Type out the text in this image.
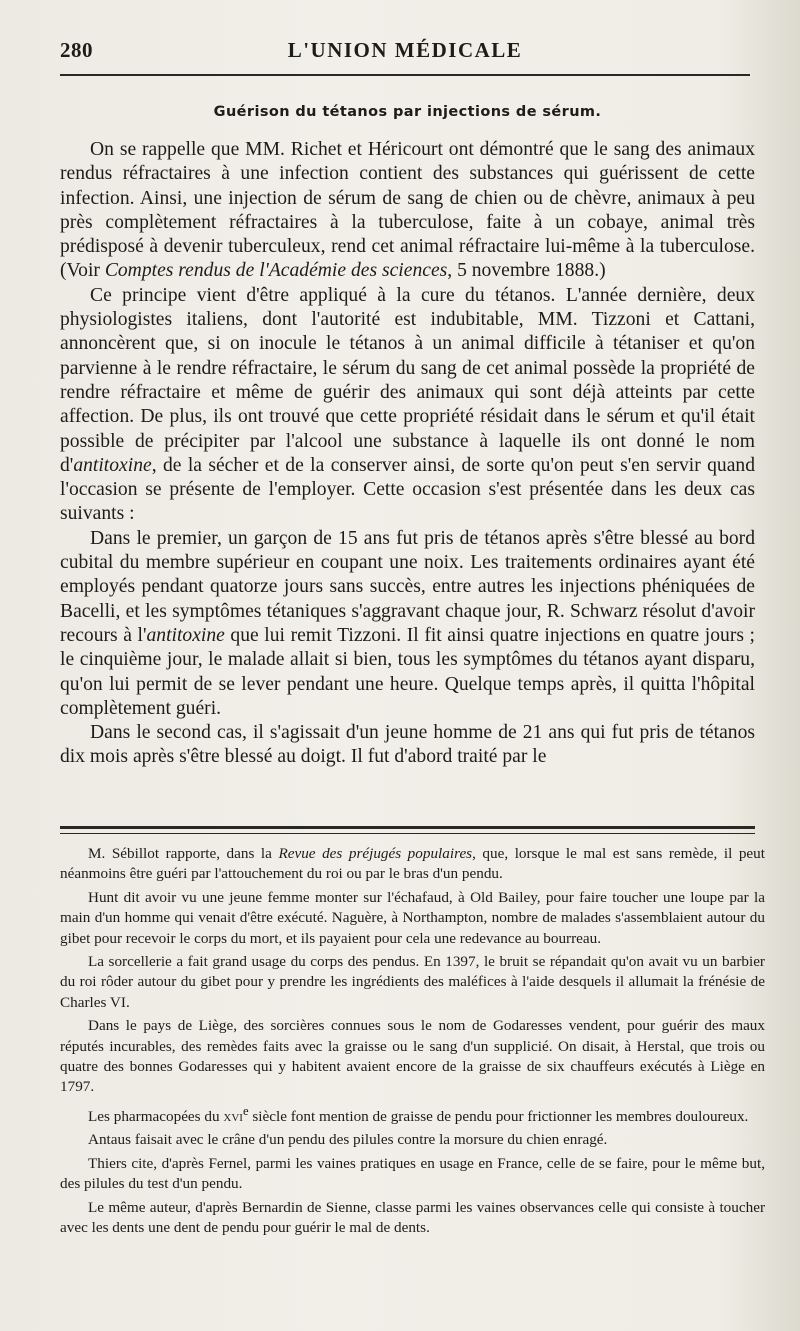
280	L'UNION MÉDICALE
Guérison du tétanos par injections de sérum.

On se rappelle que MM. Richet et Héricourt ont démontré que le sang des animaux rendus réfractaires à une infection contient des substances qui guérissent de cette infection. Ainsi, une injection de sérum de sang de chien ou de chèvre, animaux à peu près complètement réfractaires à la tuberculose, faite à un cobaye, animal très prédisposé à devenir tuberculeux, rend cet animal réfractaire lui-même à la tuberculose. (Voir Comptes rendus de l'Académie des sciences, 5 novembre 1888.)

Ce principe vient d'être appliqué à la cure du tétanos. L'année dernière, deux physiologistes italiens, dont l'autorité est indubitable, MM. Tizzoni et Cattani, annoncèrent que, si on inocule le tétanos à un animal difficile à tétaniser et qu'on parvienne à le rendre réfractaire, le sérum du sang de cet animal possède la propriété de rendre réfractaire et même de guérir des animaux qui sont déjà atteints par cette affection. De plus, ils ont trouvé que cette propriété résidait dans le sérum et qu'il était possible de précipiter par l'alcool une substance à laquelle ils ont donné le nom d'antitoxine, de la sécher et de la conserver ainsi, de sorte qu'on peut s'en servir quand l'occasion se présente de l'employer. Cette occasion s'est présentée dans les deux cas suivants :

Dans le premier, un garçon de 15 ans fut pris de tétanos après s'être blessé au bord cubital du membre supérieur en coupant une noix. Les traitements ordinaires ayant été employés pendant quatorze jours sans succès, entre autres les injections phéniquées de Bacelli, et les symptômes tétaniques s'aggravant chaque jour, R. Schwarz résolut d'avoir recours à l'antitoxine que lui remit Tizzoni. Il fit ainsi quatre injections en quatre jours ; le cinquième jour, le malade allait si bien, tous les symptômes du tétanos ayant disparu, qu'on lui permit de se lever pendant une heure. Quelque temps après, il quitta l'hôpital complètement guéri.

Dans le second cas, il s'agissait d'un jeune homme de 21 ans qui fut pris de tétanos dix mois après s'être blessé au doigt. Il fut d'abord traité par le

M. Sébillot rapporte, dans la Revue des préjugés populaires, que, lorsque le mal est sans remède, il peut néanmoins être guéri par l'attouchement du roi ou par le bras d'un pendu.

Hunt dit avoir vu une jeune femme monter sur l'échafaud, à Old Bailey, pour faire toucher une loupe par la main d'un homme qui venait d'être exécuté. Naguère, à Northampton, nombre de malades s'assemblaient autour du gibet pour recevoir le corps du mort, et ils payaient pour cela une redevance au bourreau.

La sorcellerie a fait grand usage du corps des pendus. En 1397, le bruit se répandait qu'on avait vu un barbier du roi rôder autour du gibet pour y prendre les ingrédients des maléfices à l'aide desquels il allumait la frénésie de Charles VI.

Dans le pays de Liège, des sorcières connues sous le nom de Godaresses vendent, pour guérir des maux réputés incurables, des remèdes faits avec la graisse ou le sang d'un supplicié. On disait, à Herstal, que trois ou quatre des bonnes Godaresses qui y habitent avaient encore de la graisse de six chauffeurs exécutés à Liège en 1797.

Les pharmacopées du xvi$^e$ siècle font mention de graisse de pendu pour frictionner les membres douloureux.

Antaus faisait avec le crâne d'un pendu des pilules contre la morsure du chien enragé.

Thiers cite, d'après Fernel, parmi les vaines pratiques en usage en France, celle de se faire, pour le même but, des pilules du test d'un pendu.

Le même auteur, d'après Bernardin de Sienne, classe parmi les vaines observances celle qui consiste à toucher avec les dents une dent de pendu pour guérir le mal de dents.
